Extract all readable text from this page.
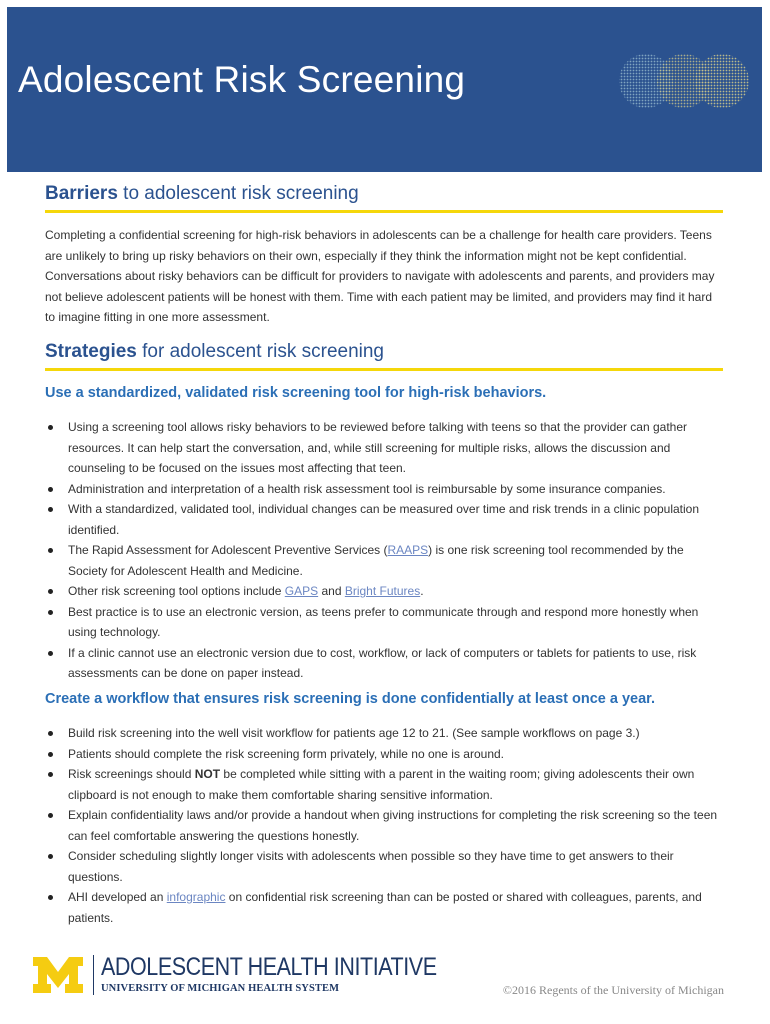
Adolescent Risk Screening
Barriers to adolescent risk screening

Completing a confidential screening for high-risk behaviors in adolescents can be a challenge for health care providers. Teens are unlikely to bring up risky behaviors on their own, especially if they think the information might not be kept confidential. Conversations about risky behaviors can be difficult for providers to navigate with adolescents and parents, and providers may not believe adolescent patients will be honest with them. Time with each patient may be limited, and providers may find it hard to imagine fitting in one more assessment.

Strategies for adolescent risk screening
Use a standardized, validated risk screening tool for high-risk behaviors.
Using a screening tool allows risky behaviors to be reviewed before talking with teens so that the provider can gather resources. It can help start the conversation, and, while still screening for multiple risks, allows the discussion and counseling to be focused on the issues most affecting that teen.
Administration and interpretation of a health risk assessment tool is reimbursable by some insurance companies.
With a standardized, validated tool, individual changes can be measured over time and risk trends in a clinic population identified.
The Rapid Assessment for Adolescent Preventive Services (RAAPS) is one risk screening tool recommended by the Society for Adolescent Health and Medicine.
Other risk screening tool options include GAPS and Bright Futures.
Best practice is to use an electronic version, as teens prefer to communicate through and respond more honestly when using technology.
If a clinic cannot use an electronic version due to cost, workflow, or lack of computers or tablets for patients to use, risk assessments can be done on paper instead.
Create a workflow that ensures risk screening is done confidentially at least once a year.
Build risk screening into the well visit workflow for patients age 12 to 21. (See sample workflows on page 3.)
Patients should complete the risk screening form privately, while no one is around.
Risk screenings should NOT be completed while sitting with a parent in the waiting room; giving adolescents their own clipboard is not enough to make them comfortable sharing sensitive information.
Explain confidentiality laws and/or provide a handout when giving instructions for completing the risk screening so the teen can feel comfortable answering the questions honestly.
Consider scheduling slightly longer visits with adolescents when possible so they have time to get answers to their questions.
AHI developed an infographic on confidential risk screening than can be posted or shared with colleagues, parents, and patients.
ADOLESCENT HEALTH INITIATIVE
UNIVERSITY OF MICHIGAN HEALTH SYSTEM	©2016 Regents of the University of Michigan
